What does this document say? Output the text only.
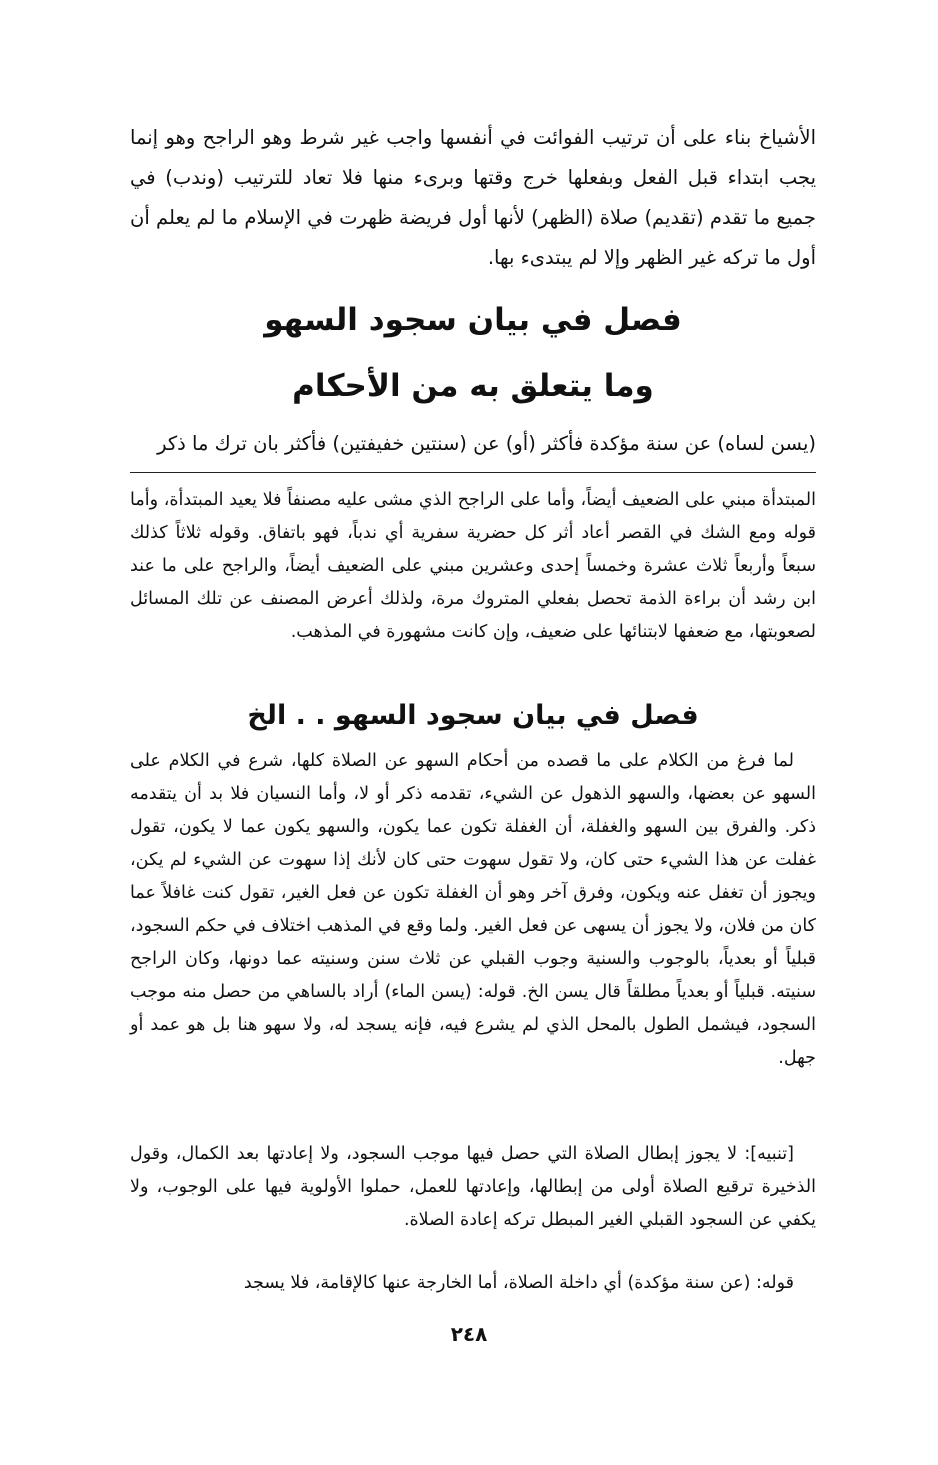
الأشياخ بناء على أن ترتيب الفوائت في أنفسها واجب غير شرط وهو الراجح وهو إنما يجب ابتداء قبل الفعل وبفعلها خرج وقتها وبرىء منها فلا تعاد للترتيب (وندب) في جميع ما تقدم (تقديم) صلاة (الظهر) لأنها أول فريضة ظهرت في الإسلام ما لم يعلم أن أول ما تركه غير الظهر وإلا لم يبتدىء بها.

فصل في بيان سجود السهو
وما يتعلق به من الأحكام

(يسن لساه) عن سنة مؤكدة فأكثر (أو) عن (سنتين خفيفتين) فأكثر بان ترك ما ذكر

المبتدأة مبني على الضعيف أيضاً، وأما على الراجح الذي مشى عليه مصنفاً فلا يعيد المبتدأة، وأما قوله ومع الشك في القصر أعاد أثر كل حضرية سفرية أي ندباً، فهو باتفاق. وقوله ثلاثاً كذلك سبعاً وأربعاً ثلاث عشرة وخمساً إحدى وعشرين مبني على الضعيف أيضاً، والراجح على ما عند ابن رشد أن براءة الذمة تحصل بفعلي المتروك مرة، ولذلك أعرض المصنف عن تلك المسائل لصعوبتها، مع ضعفها لابتنائها على ضعيف، وإن كانت مشهورة في المذهب.

فصل في بيان سجود السهو . . الخ

لما فرغ من الكلام على ما قصده من أحكام السهو عن الصلاة كلها، شرع في الكلام على السهو عن بعضها، والسهو الذهول عن الشيء، تقدمه ذكر أو لا، وأما النسيان فلا بد أن يتقدمه ذكر. والفرق بين السهو والغفلة، أن الغفلة تكون عما يكون، والسهو يكون عما لا يكون، تقول غفلت عن هذا الشيء حتى كان، ولا تقول سهوت حتى كان لأنك إذا سهوت عن الشيء لم يكن، ويجوز أن تغفل عنه ويكون، وفرق آخر وهو أن الغفلة تكون عن فعل الغير، تقول كنت غافلاً عما كان من فلان، ولا يجوز أن يسهى عن فعل الغير. ولما وقع في المذهب اختلاف في حكم السجود، قبلياً أو بعدياً، بالوجوب والسنية وجوب القبلي عن ثلاث سنن وسنيته عما دونها، وكان الراجح سنيته. قبلياً أو بعدياً مطلقاً قال يسن الخ. قوله: (يسن الماء) أراد بالساهي من حصل منه موجب السجود، فيشمل الطول بالمحل الذي لم يشرع فيه، فإنه يسجد له، ولا سهو هنا بل هو عمد أو جهل.

[تنبيه]: لا يجوز إبطال الصلاة التي حصل فيها موجب السجود، ولا إعادتها بعد الكمال، وقول الذخيرة ترقيع الصلاة أولى من إبطالها، وإعادتها للعمل، حملوا الأولوية فيها على الوجوب، ولا يكفي عن السجود القبلي الغير المبطل تركه إعادة الصلاة.

قوله: (عن سنة مؤكدة) أي داخلة الصلاة، أما الخارجة عنها كالإقامة، فلا يسجد

٢٤٨
